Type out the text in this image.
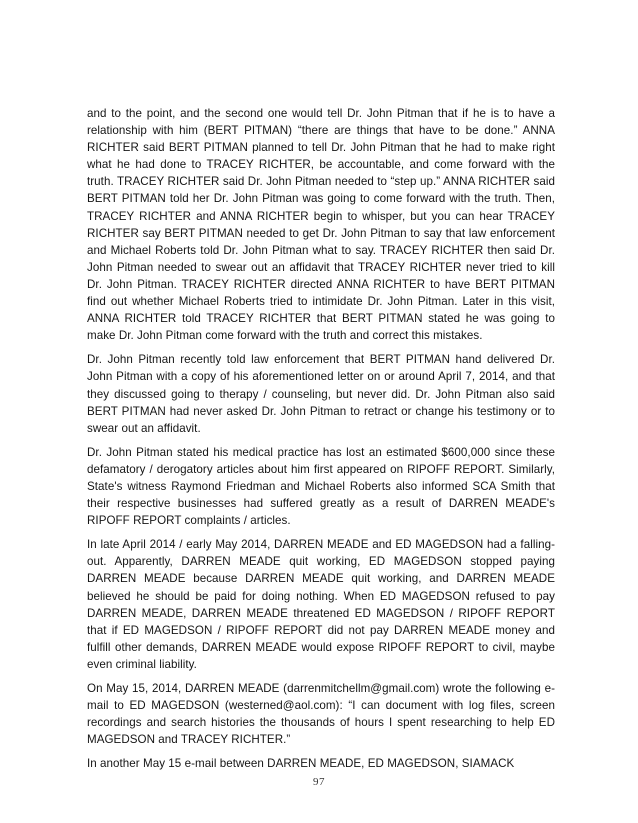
and to the point, and the second one would tell Dr. John Pitman that if he is to have a relationship with him (BERT PITMAN) “there are things that have to be done.” ANNA RICHTER said BERT PITMAN planned to tell Dr. John Pitman that he had to make right what he had done to TRACEY RICHTER, be accountable, and come forward with the truth. TRACEY RICHTER said Dr. John Pitman needed to “step up.” ANNA RICHTER said BERT PITMAN told her Dr. John Pitman was going to come forward with the truth. Then, TRACEY RICHTER and ANNA RICHTER begin to whisper, but you can hear TRACEY RICHTER say BERT PITMAN needed to get Dr. John Pitman to say that law enforcement and Michael Roberts told Dr. John Pitman what to say. TRACEY RICHTER then said Dr. John Pitman needed to swear out an affidavit that TRACEY RICHTER never tried to kill Dr. John Pitman. TRACEY RICHTER directed ANNA RICHTER to have BERT PITMAN find out whether Michael Roberts tried to intimidate Dr. John Pitman. Later in this visit, ANNA RICHTER told TRACEY RICHTER that BERT PITMAN stated he was going to make Dr. John Pitman come forward with the truth and correct this mistakes.

Dr. John Pitman recently told law enforcement that BERT PITMAN hand delivered Dr. John Pitman with a copy of his aforementioned letter on or around April 7, 2014, and that they discussed going to therapy / counseling, but never did. Dr. John Pitman also said BERT PITMAN had never asked Dr. John Pitman to retract or change his testimony or to swear out an affidavit.

Dr. John Pitman stated his medical practice has lost an estimated $600,000 since these defamatory / derogatory articles about him first appeared on RIPOFF REPORT. Similarly, State's witness Raymond Friedman and Michael Roberts also informed SCA Smith that their respective businesses had suffered greatly as a result of DARREN MEADE's RIPOFF REPORT complaints / articles.

In late April 2014 / early May 2014, DARREN MEADE and ED MAGEDSON had a falling-out. Apparently, DARREN MEADE quit working, ED MAGEDSON stopped paying DARREN MEADE because DARREN MEADE quit working, and DARREN MEADE believed he should be paid for doing nothing. When ED MAGEDSON refused to pay DARREN MEADE, DARREN MEADE threatened ED MAGEDSON / RIPOFF REPORT that if ED MAGEDSON / RIPOFF REPORT did not pay DARREN MEADE money and fulfill other demands, DARREN MEADE would expose RIPOFF REPORT to civil, maybe even criminal liability.

On May 15, 2014, DARREN MEADE (darrenmitchellm@gmail.com) wrote the following e-mail to ED MAGEDSON (westerned@aol.com): “I can document with log files, screen recordings and search histories the thousands of hours I spent researching to help ED MAGEDSON and TRACEY RICHTER.”

In another May 15 e-mail between DARREN MEADE, ED MAGEDSON, SIAMACK

97
